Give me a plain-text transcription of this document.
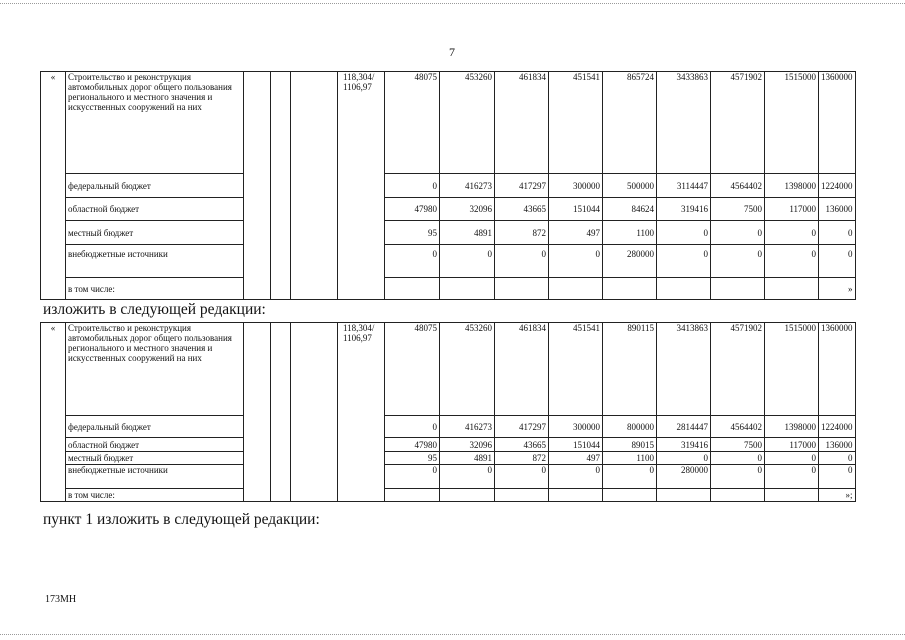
7
«	Строительство и реконструкция автомобильных дорог общего пользования регионального и местного значения и искусственных сооружений на них				118,304/ 1106,97	48075	453260	461834	451541	865724	3433863	4571902	1515000	1360000
	федеральный бюджет					0	416273	417297	300000	500000	3114447	4564402	1398000	1224000
	областной бюджет					47980	32096	43665	151044	84624	319416	7500	117000	136000
	местный бюджет					95	4891	872	497	1100	0	0	0	0
	внебюджетные источники					0	0	0	0	280000	0	0	0	0
	в том числе:													»
изложить в следующей редакции:
«	Строительство и реконструкция автомобильных дорог общего пользования регионального и местного значения и искусственных сооружений на них				118,304/ 1106,97	48075	453260	461834	451541	890115	3413863	4571902	1515000	1360000
	федеральный бюджет					0	416273	417297	300000	800000	2814447	4564402	1398000	1224000
	областной бюджет					47980	32096	43665	151044	89015	319416	7500	117000	136000
	местный бюджет					95	4891	872	497	1100	0	0	0	0
	внебюджетные источники					0	0	0	0	0	280000	0	0	0
	в том числе:													»;
пункт 1 изложить в следующей редакции:
173МН
